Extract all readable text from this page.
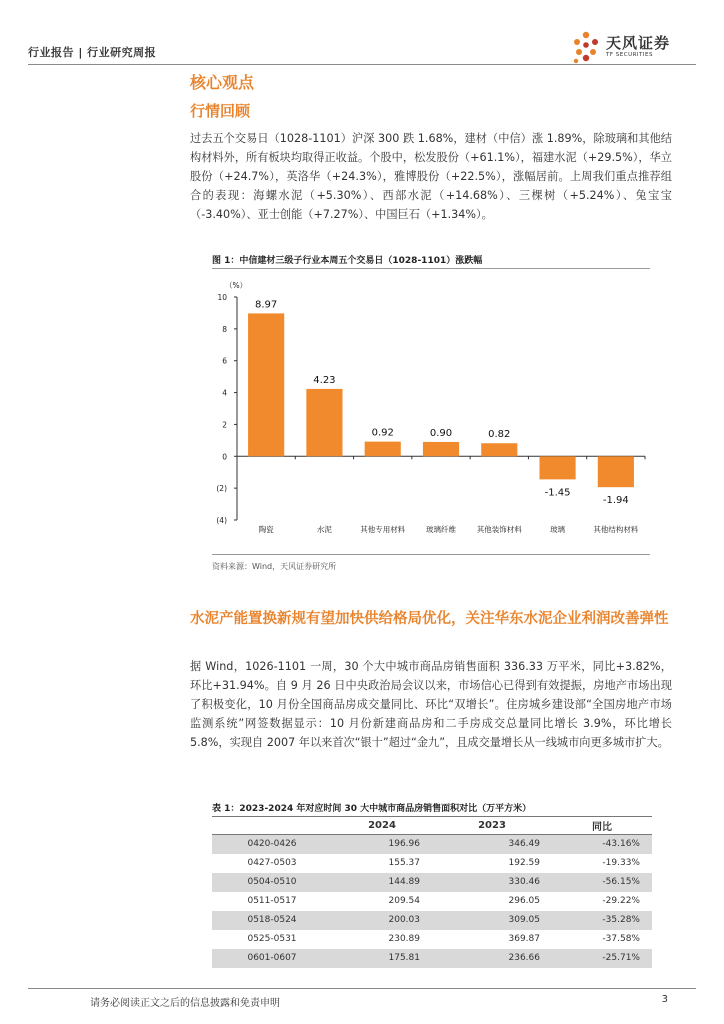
行业报告 | 行业研究周报
天风证券
TF SECURITIES
核心观点
行情回顾
过去五个交易日（1028-1101）沪深 300 跌 1.68%，建材（中信）涨 1.89%，除玻璃和其他结构材料外，所有板块均取得正收益。个股中，松发股份（+61.1%），福建水泥（+29.5%），华立股份（+24.7%），英洛华（+24.3%），雅博股份（+22.5%），涨幅居前。上周我们重点推荐组合的表现：海螺水泥（+5.30%）、西部水泥（+14.68%）、三棵树（+5.24%）、兔宝宝（-3.40%）、亚士创能（+7.27%）、中国巨石（+1.34%）。
图 1：中信建材三级子行业本周五个交易日（1028-1101）涨跌幅
（%）
10
8
6
4
2
0
(2)
(4)
8.97
4.23
0.92	0.90	0.82
-1.45
-1.94
陶瓷	水泥	其他专用材料	玻璃纤维	其他装饰材料	玻璃	其他结构材料
资料来源：Wind，天风证券研究所
水泥产能置换新规有望加快供给格局优化，关注华东水泥企业利润改善弹性
据 Wind，1026-1101 一周，30 个大中城市商品房销售面积 336.33 万平米，同比+3.82%，环比+31.94%。自 9 月 26 日中央政治局会议以来，市场信心已得到有效提振，房地产市场出现了积极变化，10 月份全国商品房成交量同比、环比“双增长”。住房城乡建设部“全国房地产市场监测系统”网签数据显示：10 月份新建商品房和二手房成交总量同比增长 3.9%，环比增长 5.8%，实现自 2007 年以来首次“银十”超过“金九”，且成交量增长从一线城市向更多城市扩大。
表 1：2023-2024 年对应时间 30 大中城市商品房销售面积对比（万平方米）
	2024	2023	同比
0420-0426	196.96	346.49	-43.16%
0427-0503	155.37	192.59	-19.33%
0504-0510	144.89	330.46	-56.15%
0511-0517	209.54	296.05	-29.22%
0518-0524	200.03	309.05	-35.28%
0525-0531	230.89	369.87	-37.58%
0601-0607	175.81	236.66	-25.71%
请务必阅读正文之后的信息披露和免责申明	3
